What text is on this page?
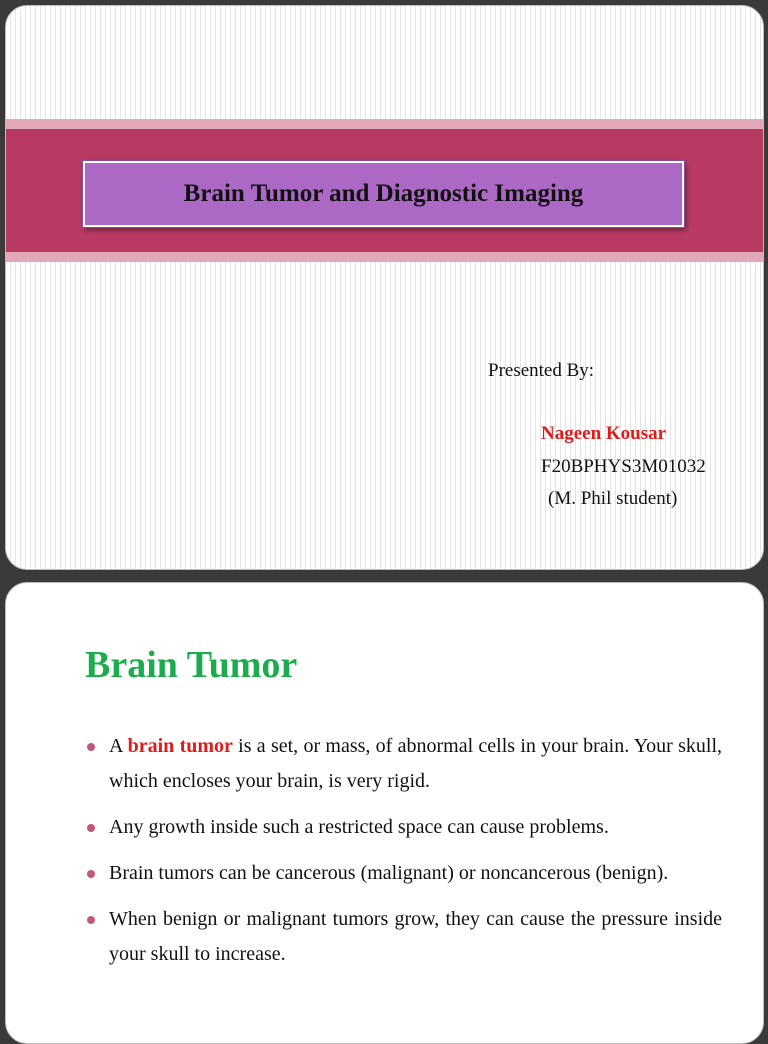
Brain Tumor and Diagnostic Imaging
Presented By:
Nageen Kousar
F20BPHYS3M01032
(M. Phil student)
Brain Tumor
A brain tumor is a set, or mass, of abnormal cells in your brain. Your skull, which encloses your brain, is very rigid.
Any growth inside such a restricted space can cause problems.
Brain tumors can be cancerous (malignant) or noncancerous (benign).
When benign or malignant tumors grow, they can cause the pressure inside your skull to increase.
